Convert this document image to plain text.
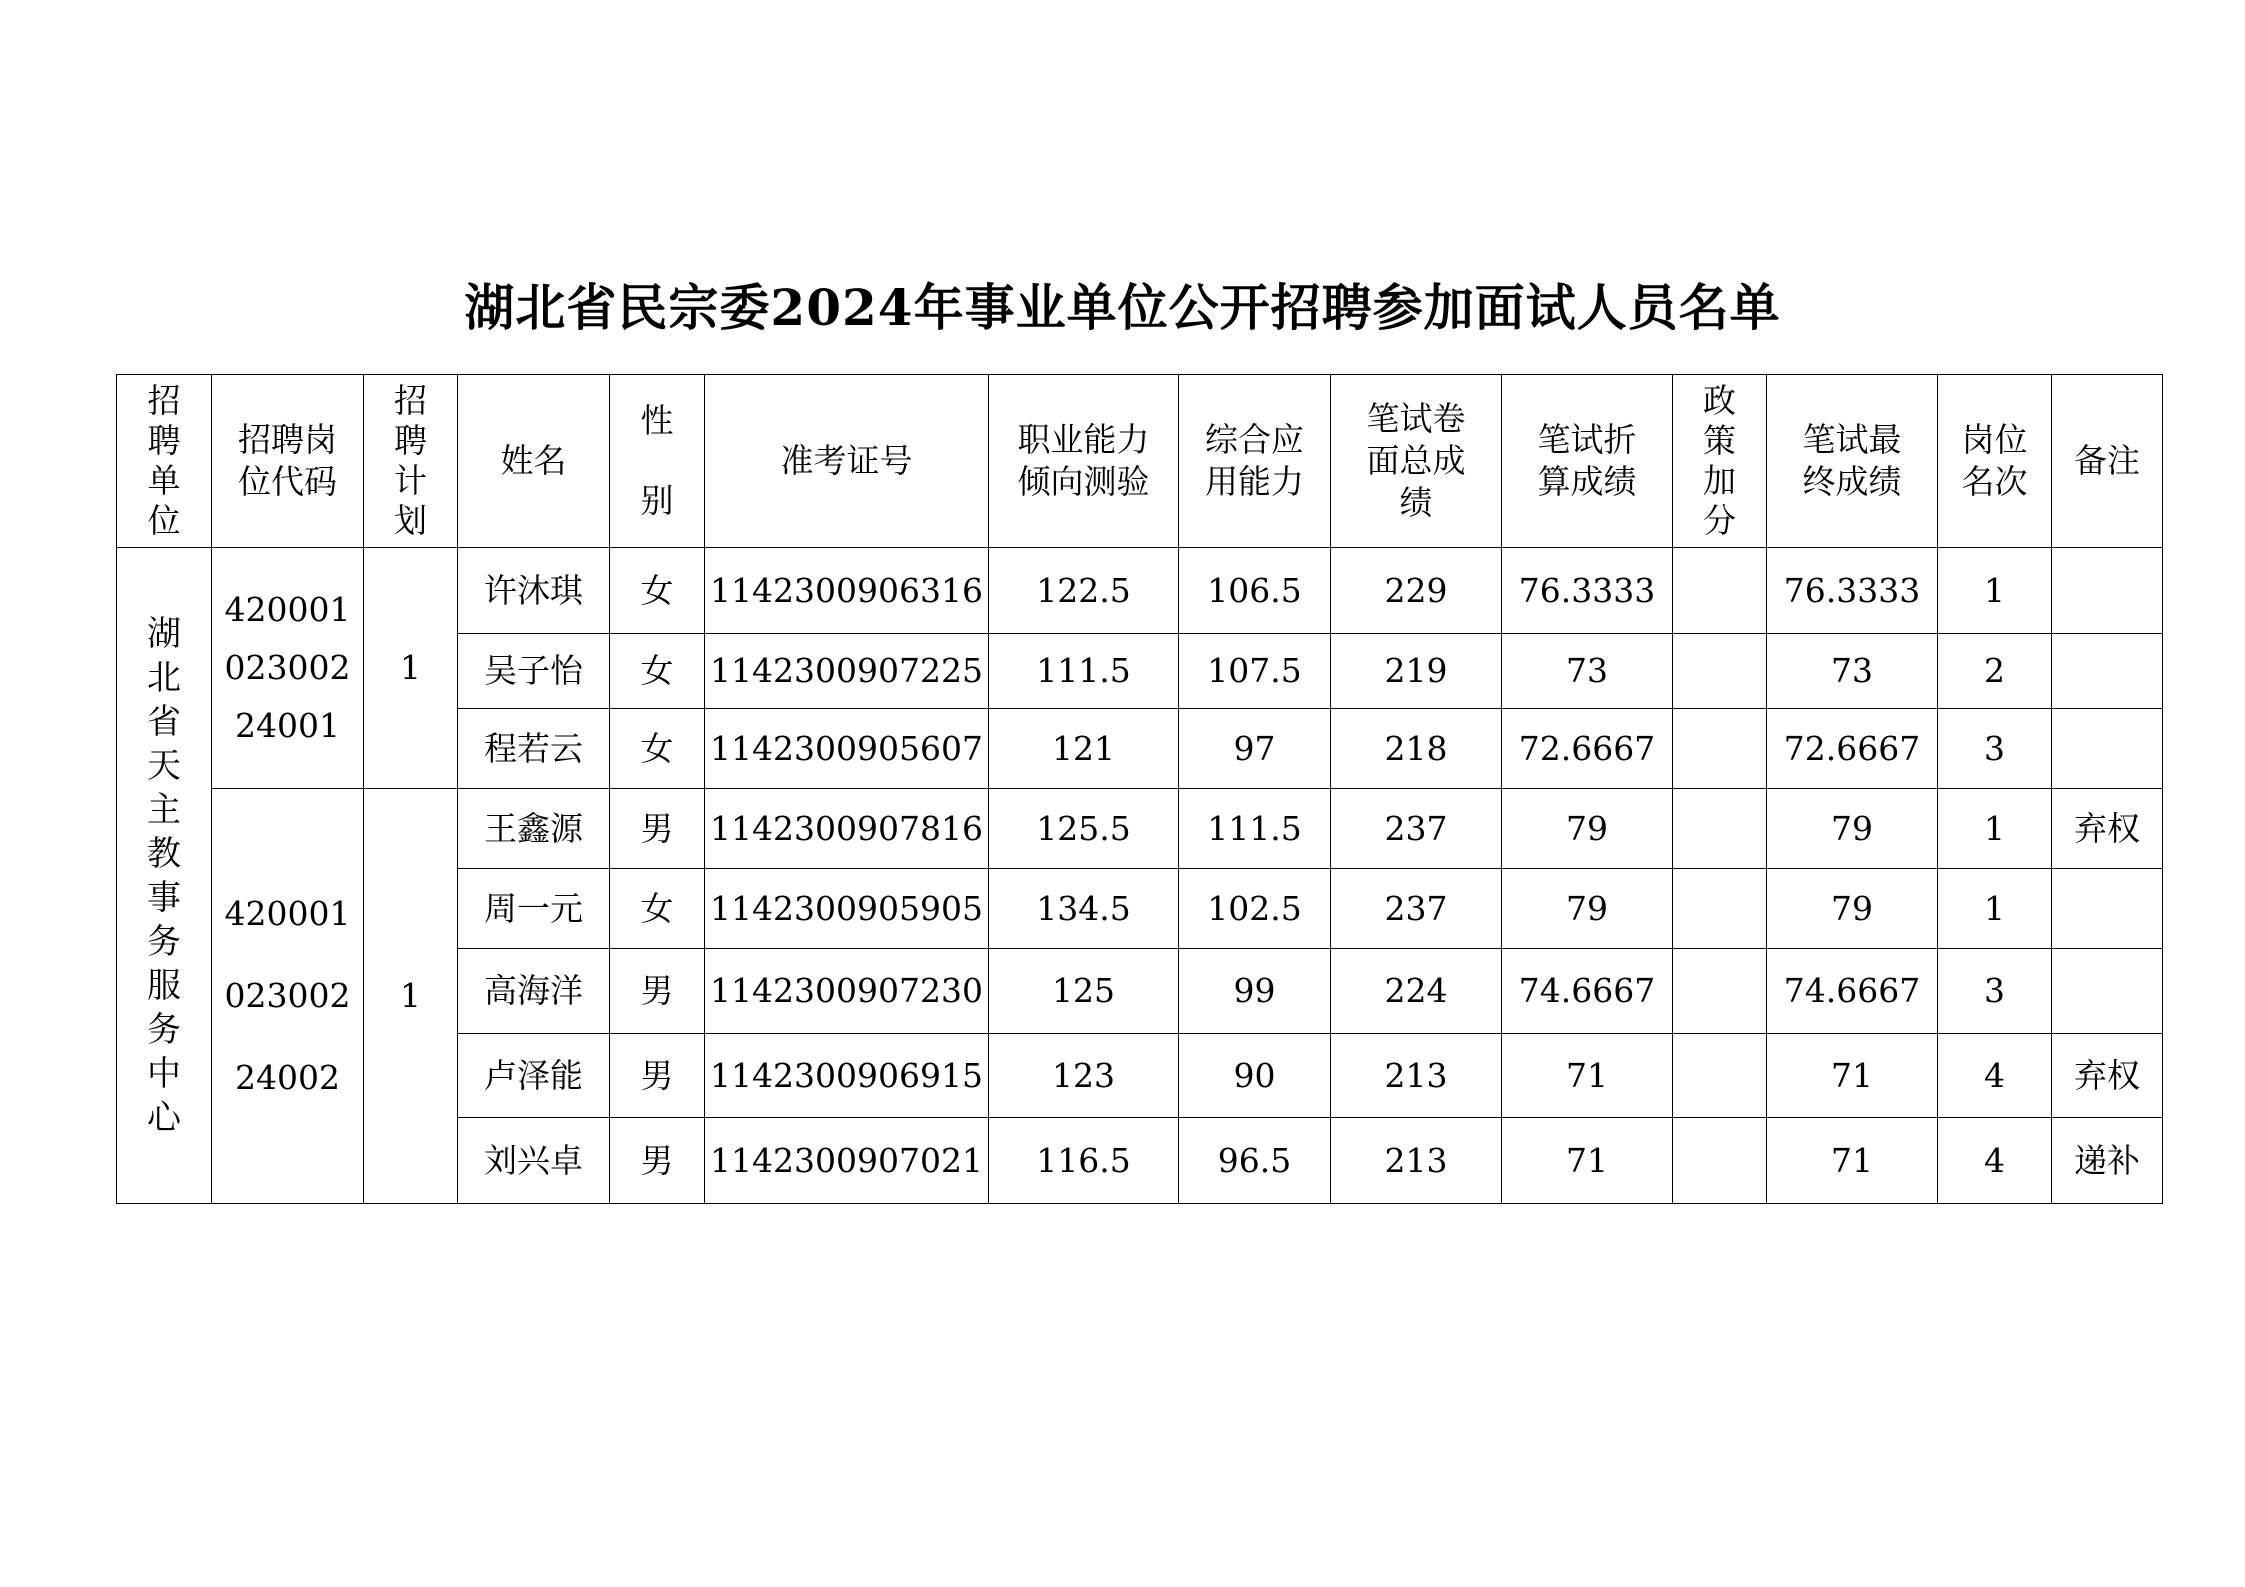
湖北省民宗委2024年事业单位公开招聘参加面试人员名单
招聘单位	招聘岗位代码	招聘计划	姓名	性别	准考证号	职业能力倾向测验	综合应用能力	笔试卷面总成绩	笔试折算成绩	政策加分	笔试最终成绩	岗位名次	备注
湖北省天主教事务服务中心	42000102300224001	1	许沐琪	女	1142300906316	122.5	106.5	229	76.3333		76.3333	1	
			吴子怡	女	1142300907225	111.5	107.5	219	73		73	2	
			程若云	女	1142300905607	121	97	218	72.6667		72.6667	3	
	42000102300224002	1	王鑫源	男	1142300907816	125.5	111.5	237	79		79	1	弃权
			周一元	女	1142300905905	134.5	102.5	237	79		79	1	
			高海洋	男	1142300907230	125	99	224	74.6667		74.6667	3	
			卢泽能	男	1142300906915	123	90	213	71		71	4	弃权
			刘兴卓	男	1142300907021	116.5	96.5	213	71		71	4	递补
